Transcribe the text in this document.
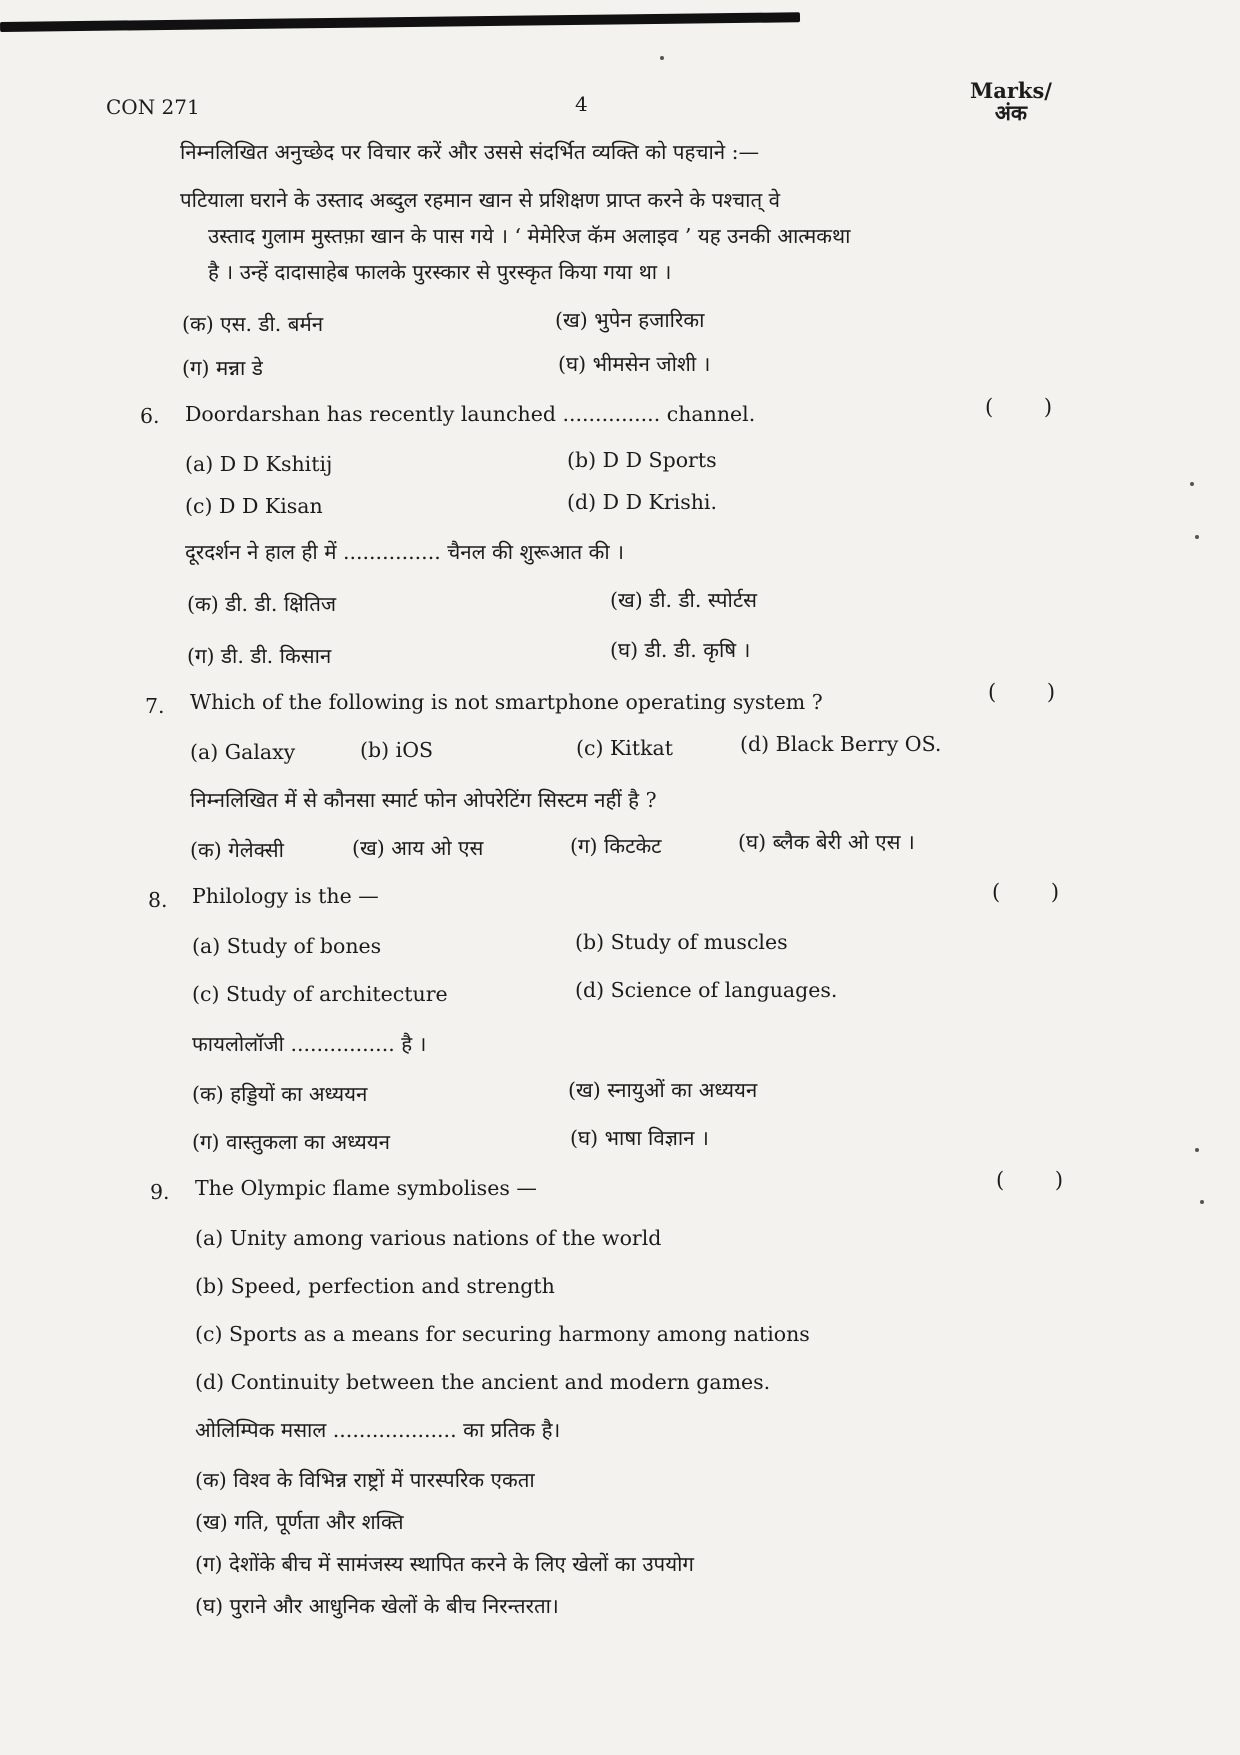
CON 271	4
Marks/
अंक
निम्नलिखित अनुच्छेद पर विचार करें और उससे संदर्भित व्यक्ति को पहचाने :—
पटियाला घराने के उस्ताद अब्दुल रहमान खान से प्रशिक्षण प्राप्त करने के पश्चात् वे
उस्ताद गुलाम मुस्तफ़ा खान के पास गये । ‘ मेमेरिज कॅम अलाइव ’ यह उनकी आत्मकथा
है । उन्हें दादासाहेब फालके पुरस्कार से पुरस्कृत किया गया था ।
(क) एस. डी. बर्मन	(ख) भुपेन हजारिका
(ग) मन्ना डे	(घ) भीमसेन जोशी ।
6. Doordarshan has recently launched ............... channel.	( )
(a) D D Kshitij	(b) D D Sports
(c) D D Kisan	(d) D D Krishi.
दूरदर्शन ने हाल ही में ............... चैनल की शुरूआत की ।
(क) डी. डी. क्षितिज	(ख) डी. डी. स्पोर्टस
(ग) डी. डी. किसान	(घ) डी. डी. कृषि ।
7. Which of the following is not smartphone operating system ?	( )
(a) Galaxy	(b) iOS	(c) Kitkat	(d) Black Berry OS.
निम्नलिखित में से कौनसा स्मार्ट फोन ओपरेटिंग सिस्टम नहीं है ?
(क) गेलेक्सी	(ख) आय ओ एस	(ग) किटकेट	(घ) ब्लैक बेरी ओ एस ।
8. Philology is the —	( )
(a) Study of bones	(b) Study of muscles
(c) Study of architecture	(d) Science of languages.
फायलोलॉजी ................ है ।
(क) हड्डियों का अध्ययन	(ख) स्नायुओं का अध्ययन
(ग) वास्तुकला का अध्ययन	(घ) भाषा विज्ञान ।
9. The Olympic flame symbolises —	( )
(a) Unity among various nations of the world
(b) Speed, perfection and strength
(c) Sports as a means for securing harmony among nations
(d) Continuity between the ancient and modern games.
ओलिम्पिक मसाल ................... का प्रतिक है।
(क) विश्व के विभिन्न राष्ट्रों में पारस्परिक एकता
(ख) गति, पूर्णता और शक्ति
(ग) देशोंके बीच में सामंजस्य स्थापित करने के लिए खेलों का उपयोग
(घ) पुराने और आधुनिक खेलों के बीच निरन्तरता।
